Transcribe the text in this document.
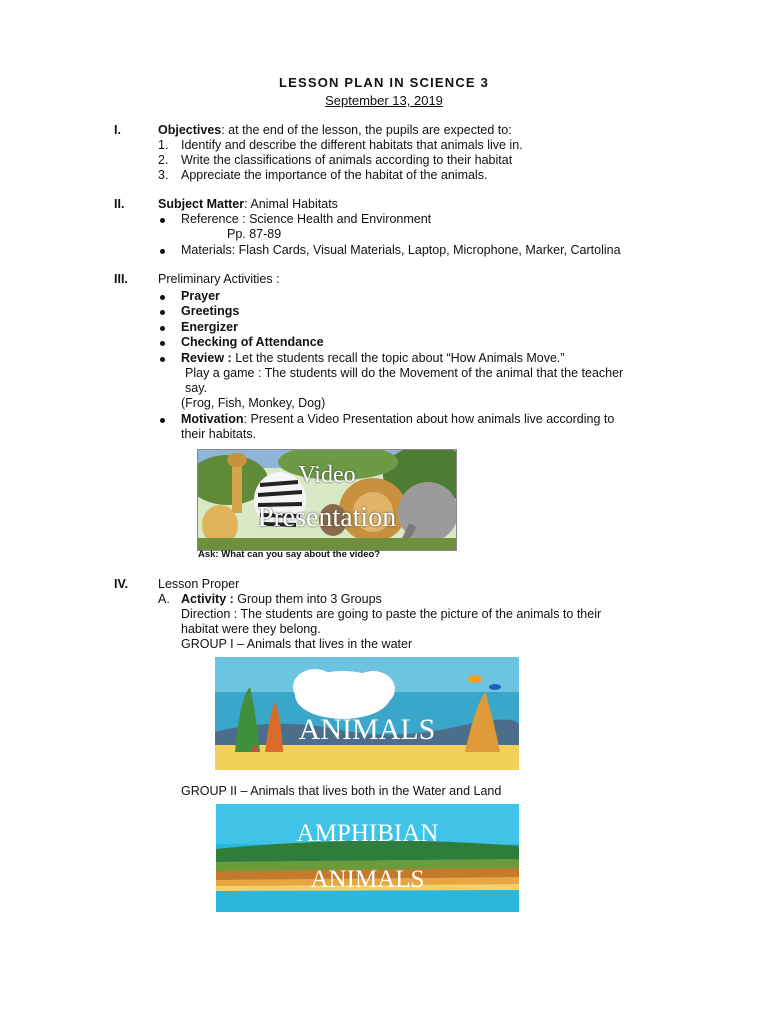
LESSON PLAN IN SCIENCE 3
September 13, 2019
I.	Objectives: at the end of the lesson, the pupils are expected to:
1. Identify and describe the different habitats that animals live in.
2. Write the classifications of animals according to their habitat
3. Appreciate the importance of the habitat of the animals.
II.	Subject Matter: Animal Habitats
Reference : Science Health and Environment
Pp. 87-89
Materials: Flash Cards, Visual Materials, Laptop, Microphone, Marker, Cartolina
III. Preliminary Activities :
Prayer
Greetings
Energizer
Checking of Attendance
Review : Let the students recall the topic about “How Animals Move.”
Play a game : The students will do the Movement of the animal that the teacher
say.
(Frog, Fish, Monkey, Dog)
Motivation: Present a Video Presentation about how animals live according to
their habitats.
Video
Presentation
Ask: What can you say about the video?
IV. Lesson Proper
A. Activity : Group them into 3 Groups
Direction : The students are going to paste the picture of the animals to their
habitat were they belong.
GROUP I – Animals that lives in the water
ANIMALS
GROUP II – Animals that lives both in the Water and Land
AMPHIBIAN
ANIMALS
